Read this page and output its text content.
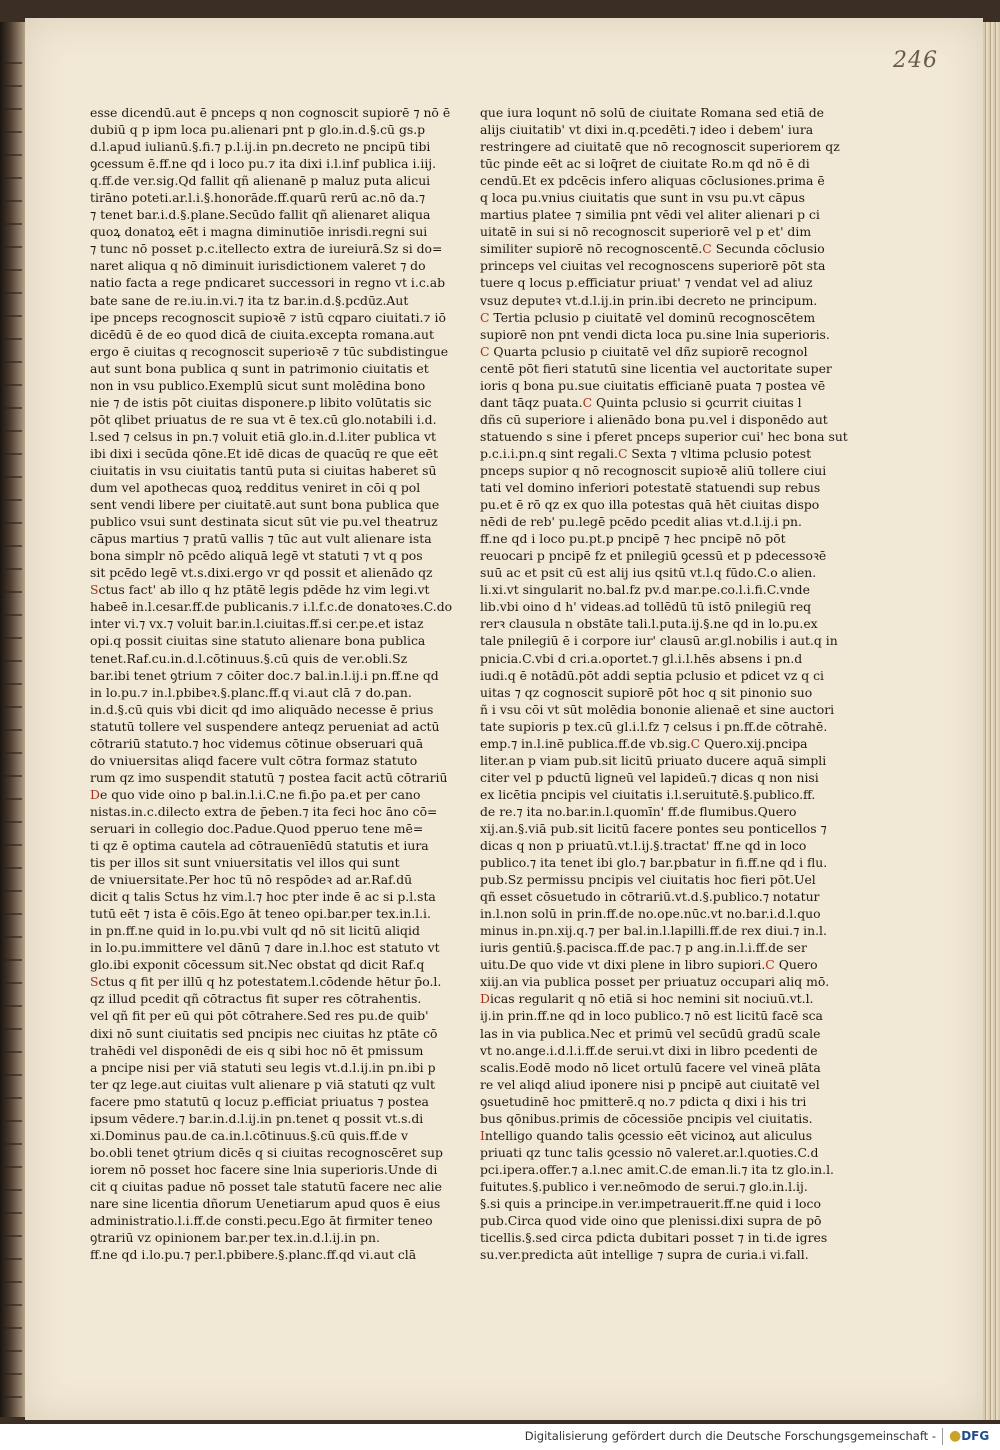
246
esse dicendū.aut ē pnceps q non cognoscit supiorē ⁊ nō ē
dubiū q p ipm loca pu.alienari pnt p glo.in.d.§.cū gs.p
d.l.apud iulianū.§.fi.⁊ p.l.ij.in pn.decreto ne pncipū tibi
ꝯcessum ē.ff.ne qd i loco pu.⁊ ita dixi i.l.inf publica i.iij.
q.ff.de ver.sig.Qd fallit qñ alienanē p maluz puta alicui
tirāno poteti.ar.l.i.§.honorāde.ff.quarū rerū ac.nō da.⁊
⁊ tenet bar.i.d.§.plane.Secūdo fallit qñ alienaret aliqua
quoꝝ donatoꝝ eēt i magna diminutiōe inrisdi.regni sui
⁊ tunc nō posset p.c.itellecto extra de iureiurā.Sz si do=
naret aliqua q nō diminuit iurisdictionem valeret ⁊ do
natio facta a rege pndicaret successori in regno vt i.c.ab
bate sane de re.iu.in.vi.⁊ ita tz bar.in.d.§.pcdūz.Aut
ipe pnceps recognoscit supioꝛē ⁊ istū cqparo ciuitati.⁊ iō
dicēdū ē de eo quod dicā de ciuita.excepta romana.aut
ergo ē ciuitas q recognoscit superioꝛē ⁊ tūc subdistingue
aut sunt bona publica q sunt in patrimonio ciuitatis et
non in vsu publico.Exemplū sicut sunt molēdina bono
nie ⁊ de istis pōt ciuitas disponere.p libito volūtatis sic
pōt qlibet priuatus de re sua vt ē tex.cū glo.notabili i.d.
l.sed ⁊ celsus in pn.⁊ voluit etiā glo.in.d.l.iter publica vt
ibi dixi i secūda qōne.Et idē dicas de quacūq re que eēt
ciuitatis in vsu ciuitatis tantū puta si ciuitas haberet sū
dum vel apothecas quoꝝ redditus veniret in cōi q pol
sent vendi libere per ciuitatē.aut sunt bona publica que
publico vsui sunt destinata sicut sūt vie pu.vel theatruz
cāpus martius ⁊ pratū vallis ⁊ tūc aut vult alienare ista
bona simplr nō pcēdo aliquā legē vt statuti ⁊ vt q pos
sit pcēdo legē vt.s.dixi.ergo vr qd possit et alienādo qz
Sctus fact' ab illo q hz ptātē legis pdēde hz vim legi.vt
habeē in.l.cesar.ff.de publicanis.⁊ i.l.f.c.de donatoꝛes.C.do
inter vi.⁊ vx.⁊ voluit bar.in.l.ciuitas.ff.si cer.pe.et istaz
opi.q possit ciuitas sine statuto alienare bona publica
tenet.Raf.cu.in.d.l.cōtinuus.§.cū quis de ver.obli.Sz
bar.ibi tenet ꝯtrium ⁊ cōiter doc.⁊ bal.in.l.ij.i pn.ff.ne qd
in lo.pu.⁊ in.l.pbibeꝛ.§.planc.ff.q vi.aut clā ⁊ do.pan.
in.d.§.cū quis vbi dicit qd imo aliquādo necesse ē prius
statutū tollere vel suspendere anteqz perueniat ad actū
cōtrariū statuto.⁊ hoc videmus cōtinue obseruari quā
do vniuersitas aliqd facere vult cōtra formaz statuto
rum qz imo suspendit statutū ⁊ postea facit actū cōtrariū
De quo vide oino p bal.in.l.i.C.ne fi.p̄o pa.et per cano
nistas.in.c.dilecto extra de p̄eben.⁊ ita feci hoc āno cō=
seruari in collegio doc.Padue.Quod pperuo tene mē=
ti qz ē optima cautela ad cōtrauenīēdū statutis et iura
tis per illos sit sunt vniuersitatis vel illos qui sunt
de vniuersitate.Per hoc tū nō respōdeꝛ ad ar.Raf.dū
dicit q talis Sctus hz vim.l.⁊ hoc pter inde ē ac si p.l.sta
tutū eēt ⁊ ista ē cōis.Ego āt teneo opi.bar.per tex.in.l.i.
in pn.ff.ne quid in lo.pu.vbi vult qd nō sit licitū aliqid
in lo.pu.immittere vel dānū ⁊ dare in.l.hoc est statuto vt
glo.ibi exponit cōcessum sit.Nec obstat qd dicit Raf.q
Sctus q fit per illū q hz potestatem.l.cōdende hētur p̄o.l.
qz illud pcedit qñ cōtractus fit super res cōtrahentis.
vel qñ fit per eū qui pōt cōtrahere.Sed res pu.de quib'
dixi nō sunt ciuitatis sed pncipis nec ciuitas hz ptāte cō
trahēdi vel disponēdi de eis q sibi hoc nō ēt pmissum
a pncipe nisi per viā statuti seu legis vt.d.l.ij.in pn.ibi p
ter qz lege.aut ciuitas vult alienare p viā statuti qz vult
facere pmo statutū q locuz p.efficiat priuatus ⁊ postea
ipsum vēdere.⁊ bar.in.d.l.ij.in pn.tenet q possit vt.s.di
xi.Dominus pau.de ca.in.l.cōtinuus.§.cū quis.ff.de v
bo.obli tenet ꝯtrium dicēs q si ciuitas recognoscēret sup
iorem nō posset hoc facere sine lnia superioris.Unde di
cit q ciuitas padue nō posset tale statutū facere nec alie
nare sine licentia dñorum Uenetiarum apud quos ē eius
administratio.l.i.ff.de consti.pecu.Ego āt firmiter teneo
ꝯtrariū vz opinionem bar.per tex.in.d.l.ij.in pn.
ff.ne qd i.lo.pu.⁊ per.l.pbibere.§.planc.ff.qd vi.aut clā
que iura loqunt nō solū de ciuitate Romana sed etiā de
alijs ciuitatib' vt dixi in.q.pcedēti.⁊ ideo i debem' iura
restringere ad ciuitatē que nō recognoscit superiorem qz
tūc pinde eēt ac si loq̄ret de ciuitate Ro.m qd nō ē di
cendū.Et ex pdcēcis infero aliquas cōclusiones.prima ē
q loca pu.vnius ciuitatis que sunt in vsu pu.vt cāpus
martius platee ⁊ similia pnt vēdi vel aliter alienari p ci
uitatē in sui si nō recognoscit superiorē vel p et' dim
similiter supiorē nō recognoscentē.C Secunda cōclusio
princeps vel ciuitas vel recognoscens superiorē pōt sta
tuere q locus p.efficiatur priuat' ⁊ vendat vel ad aliuz
vsuz deputeꝛ vt.d.l.ij.in prin.ibi decreto ne principum.
C Tertia pclusio p ciuitatē vel dominū recognoscētem
supiorē non pnt vendi dicta loca pu.sine lnia superioris.
C Quarta pclusio p ciuitatē vel dñz supiorē recognol
centē pōt fieri statutū sine licentia vel auctoritate super
ioris q bona pu.sue ciuitatis efficianē puata ⁊ postea vē
dant tāqz puata.C Quinta pclusio si ꝯcurrit ciuitas l
dñs cū superiore i alienādo bona pu.vel i disponēdo aut
statuendo s sine i pferet pnceps superior cui' hec bona sut
p.c.i.i.pn.q sint regali.C Sexta ⁊ vltima pclusio potest
pnceps supior q nō recognoscit supioꝛē aliū tollere ciui
tati vel domino inferiori potestatē statuendi sup rebus
pu.et ē rō qz ex quo illa potestas quā hēt ciuitas dispo
nēdi de reb' pu.legē pcēdo pcedit alias vt.d.l.ij.i pn.
ff.ne qd i loco pu.pt.p pncipē ⁊ hec pncipē nō pōt
reuocari p pncipē fz et pnilegiū ꝯcessū et p pdecessoꝛē
suū ac et psit cū est alij ius qsitū vt.l.q fūdo.C.o alien.
li.xi.vt singularit no.bal.fz pv.d mar.pe.co.l.i.fi.C.vnde
lib.vbi oino d h' videas.ad tollēdū tū istō pnilegiū req
rerꝛ clausula n obstāte tali.l.puta.ij.§.ne qd in lo.pu.ex
tale pnilegiū ē i corpore iur' clausū ar.gl.nobilis i aut.q in
pnicia.C.vbi d cri.a.oportet.⁊ gl.i.l.hēs absens i pn.d
iudi.q ē notādū.pōt addi septia pclusio et pdicet vz q ci
uitas ⁊ qz cognoscit supiorē pōt hoc q sit pinonio suo
ñ i vsu cōi vt sūt molēdia bononie alienaē et sine auctori
tate supioris p tex.cū gl.i.l.fz ⁊ celsus i pn.ff.de cōtrahē.
emp.⁊ in.l.inē publica.ff.de vb.sig.C Quero.xij.pncipa
liter.an p viam pub.sit licitū priuato ducere aquā simpli
citer vel p pductū ligneū vel lapideū.⁊ dicas q non nisi
ex licētia pncipis vel ciuitatis i.l.seruitutē.§.publico.ff.
de re.⁊ ita no.bar.in.l.quomīn' ff.de flumibus.Quero
xij.an.§.viā pub.sit licitū facere pontes seu ponticellos ⁊
dicas q non p priuatū.vt.l.ij.§.tractat' ff.ne qd in loco
publico.⁊ ita tenet ibi glo.⁊ bar.pbatur in fi.ff.ne qd i flu.
pub.Sz permissu pncipis vel ciuitatis hoc fieri pōt.Uel
qñ esset cōsuetudo in cōtrariū.vt.d.§.publico.⁊ notatur
in.l.non solū in prin.ff.de no.ope.nūc.vt no.bar.i.d.l.quo
minus in.pn.xij.q.⁊ per bal.in.l.lapilli.ff.de rex diui.⁊ in.l.
iuris gentiū.§.pacisca.ff.de pac.⁊ p ang.in.l.i.ff.de ser
uitu.De quo vide vt dixi plene in libro supiori.C Quero
xiij.an via publica posset per priuatuz occupari aliq mō.
Dicas regularit q nō etiā si hoc nemini sit nociuū.vt.l.
ij.in prin.ff.ne qd in loco publico.⁊ nō est licitū facē sca
las in via publica.Nec et primū vel secūdū gradū scale
vt no.ange.i.d.l.i.ff.de serui.vt dixi in libro pcedenti de
scalis.Eodē modo nō licet ortulū facere vel vineā plāta
re vel aliqd aliud iponere nisi p pncipē aut ciuitatē vel
ꝯsuetudinē hoc pmitterē.q no.⁊ pdicta q dixi i his tri
bus qōnibus.primis de cōcessiōe pncipis vel ciuitatis.
Intelligo quando talis ꝯcessio eēt vicinoꝝ aut aliculus
priuati qz tunc talis ꝯcessio nō valeret.ar.l.quoties.C.d
pci.ipera.offer.⁊ a.l.nec amit.C.de eman.li.⁊ ita tz glo.in.l.
fuitutes.§.publico i ver.neōmodo de serui.⁊ glo.in.l.ij.
§.si quis a principe.in ver.impetrauerit.ff.ne quid i loco
pub.Circa quod vide oino que plenissi.dixi supra de pō
ticellis.§.sed circa pdicta dubitari posset ⁊ in ti.de igres
su.ver.predicta aūt intellige ⁊ supra de curia.i vi.fall.
Digitalisierung gefördert durch die Deutsche Forschungsgemeinschaft - ●DFG
